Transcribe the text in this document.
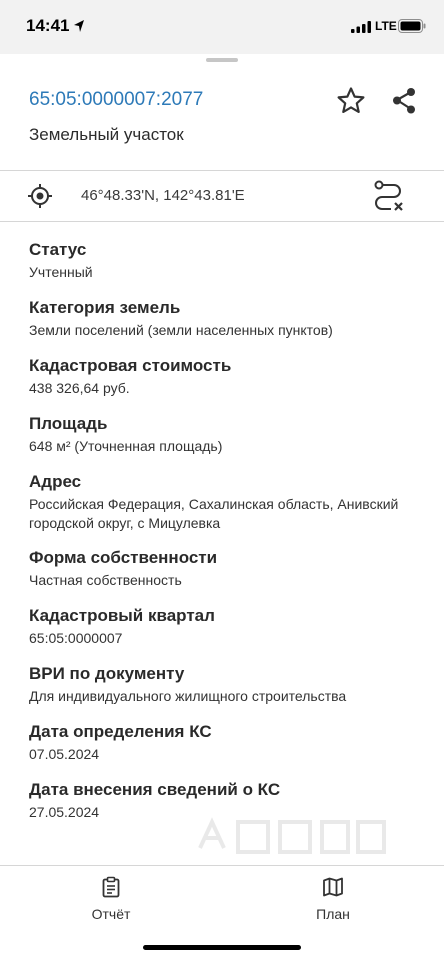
14:41	LTE
65:05:0000007:2077
Земельный участок
46°48.33'N, 142°43.81'E
Статус
Учтенный
Категория земель
Земли поселений (земли населенных пунктов)
Кадастровая стоимость
438 326,64 руб.
Площадь
648 м² (Уточненная площадь)
Адрес
Российская Федерация, Сахалинская область, Анивский городской округ, с Мицулевка
Форма собственности
Частная собственность
Кадастровый квартал
65:05:0000007
ВРИ по документу
Для индивидуального жилищного строительства
Дата определения КС
07.05.2024
Дата внесения сведений о КС
27.05.2024
Отчёт	План
